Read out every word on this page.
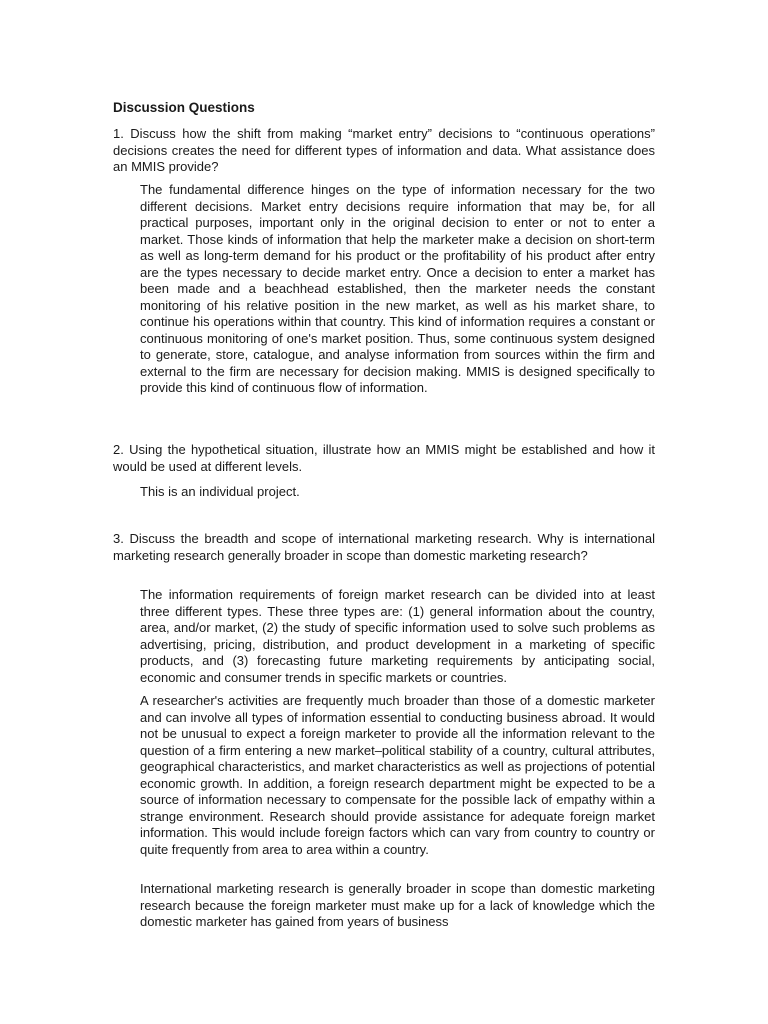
Discussion Questions

1. Discuss how the shift from making “market entry” decisions to “continuous operations” decisions creates the need for different types of information and data. What assistance does an MMIS provide?

The fundamental difference hinges on the type of information necessary for the two different decisions. Market entry decisions require information that may be, for all practical purposes, important only in the original decision to enter or not to enter a market. Those kinds of information that help the marketer make a decision on short-term as well as long-term demand for his product or the profitability of his product after entry are the types necessary to decide market entry. Once a decision to enter a market has been made and a beachhead established, then the marketer needs the constant monitoring of his relative position in the new market, as well as his market share, to continue his operations within that country. This kind of information requires a constant or continuous monitoring of one's market position. Thus, some continuous system designed to generate, store, catalogue, and analyse information from sources within the firm and external to the firm are necessary for decision making. MMIS is designed specifically to provide this kind of continuous flow of information.

2. Using the hypothetical situation, illustrate how an MMIS might be established and how it would be used at different levels.

This is an individual project.

3. Discuss the breadth and scope of international marketing research. Why is international marketing research generally broader in scope than domestic marketing research?

The information requirements of foreign market research can be divided into at least three different types. These three types are: (1) general information about the country, area, and/or market, (2) the study of specific information used to solve such problems as advertising, pricing, distribution, and product development in a marketing of specific products, and (3) forecasting future marketing requirements by anticipating social, economic and consumer trends in specific markets or countries.

A researcher's activities are frequently much broader than those of a domestic marketer and can involve all types of information essential to conducting business abroad. It would not be unusual to expect a foreign marketer to provide all the information relevant to the question of a firm entering a new market–political stability of a country, cultural attributes, geographical characteristics, and market characteristics as well as projections of potential economic growth. In addition, a foreign research department might be expected to be a source of information necessary to compensate for the possible lack of empathy within a strange environment. Research should provide assistance for adequate foreign market information. This would include foreign factors which can vary from country to country or quite frequently from area to area within a country.

International marketing research is generally broader in scope than domestic marketing research because the foreign marketer must make up for a lack of knowledge which the domestic marketer has gained from years of business
